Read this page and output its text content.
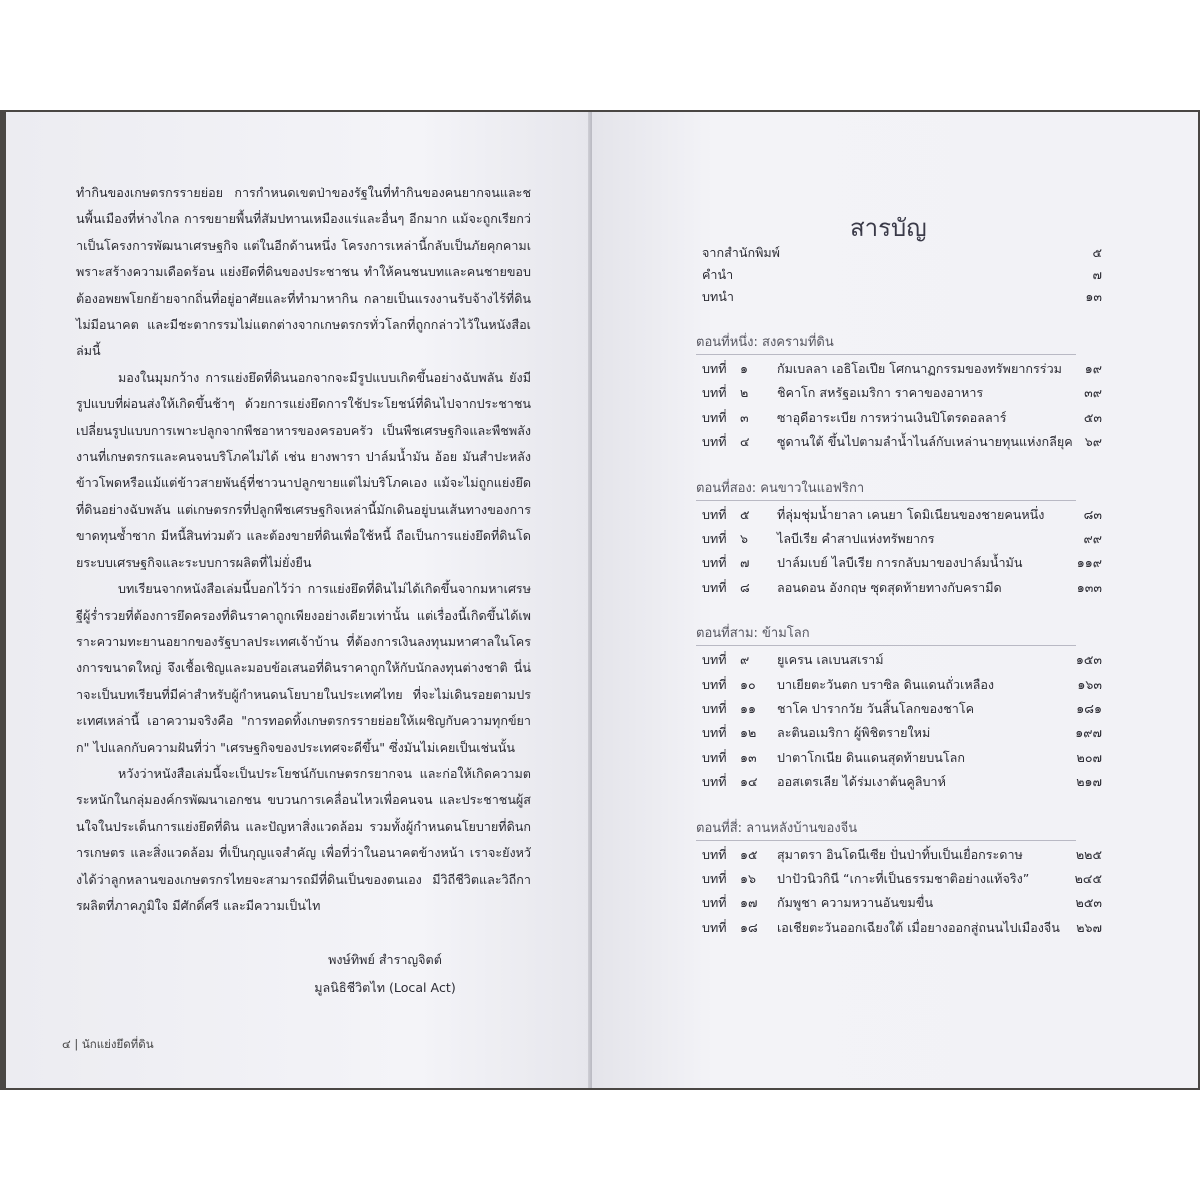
ทำกินของเกษตรกรรายย่อย การกำหนดเขตป่าของรัฐในที่ทำกินของคนยากจนและชนพื้นเมืองที่ห่างไกล การขยายพื้นที่สัมปทานเหมืองแร่และอื่นๆ อีกมาก แม้จะถูกเรียกว่าเป็นโครงการพัฒนาเศรษฐกิจ แต่ในอีกด้านหนึ่ง โครงการเหล่านี้กลับเป็นภัยคุกคามเพราะสร้างความเดือดร้อน แย่งยึดที่ดินของประชาชน ทำให้คนชนบทและคนชายขอบต้องอพยพโยกย้ายจากถิ่นที่อยู่อาศัยและที่ทำมาหากิน กลายเป็นแรงงานรับจ้างไร้ที่ดินไม่มีอนาคต และมีชะตากรรมไม่แตกต่างจากเกษตรกรทั่วโลกที่ถูกกล่าวไว้ในหนังสือเล่มนี้

มองในมุมกว้าง การแย่งยึดที่ดินนอกจากจะมีรูปแบบเกิดขึ้นอย่างฉับพลัน ยังมีรูปแบบที่ผ่อนส่งให้เกิดขึ้นช้าๆ ด้วยการแย่งยึดการใช้ประโยชน์ที่ดินไปจากประชาชน เปลี่ยนรูปแบบการเพาะปลูกจากพืชอาหารของครอบครัว เป็นพืชเศรษฐกิจและพืชพลังงานที่เกษตรกรและคนจนบริโภคไม่ได้ เช่น ยางพารา ปาล์มน้ำมัน อ้อย มันสำปะหลัง ข้าวโพดหรือแม้แต่ข้าวสายพันธุ์ที่ชาวนาปลูกขายแต่ไม่บริโภคเอง แม้จะไม่ถูกแย่งยึดที่ดินอย่างฉับพลัน แต่เกษตรกรที่ปลูกพืชเศรษฐกิจเหล่านี้มักเดินอยู่บนเส้นทางของการขาดทุนซ้ำซาก มีหนี้สินท่วมตัว และต้องขายที่ดินเพื่อใช้หนี้ ถือเป็นการแย่งยึดที่ดินโดยระบบเศรษฐกิจและระบบการผลิตที่ไม่ยั่งยืน

บทเรียนจากหนังสือเล่มนี้บอกไว้ว่า การแย่งยึดที่ดินไม่ได้เกิดขึ้นจากมหาเศรษฐีผู้ร่ำรวยที่ต้องการยึดครองที่ดินราคาถูกเพียงอย่างเดียวเท่านั้น แต่เรื่องนี้เกิดขึ้นได้เพราะความทะยานอยากของรัฐบาลประเทศเจ้าบ้าน ที่ต้องการเงินลงทุนมหาศาลในโครงการขนาดใหญ่ จึงเชื้อเชิญและมอบข้อเสนอที่ดินราคาถูกให้กับนักลงทุนต่างชาติ นี่น่าจะเป็นบทเรียนที่มีค่าสำหรับผู้กำหนดนโยบายในประเทศไทย ที่จะไม่เดินรอยตามประเทศเหล่านี้ เอาความจริงคือ "การทอดทิ้งเกษตรกรรายย่อยให้เผชิญกับความทุกข์ยาก" ไปแลกกับความฝันที่ว่า "เศรษฐกิจของประเทศจะดีขึ้น" ซึ่งมันไม่เคยเป็นเช่นนั้น

หวังว่าหนังสือเล่มนี้จะเป็นประโยชน์กับเกษตรกรยากจน และก่อให้เกิดความตระหนักในกลุ่มองค์กรพัฒนาเอกชน ขบวนการเคลื่อนไหวเพื่อคนจน และประชาชนผู้สนใจในประเด็นการแย่งยึดที่ดิน และปัญหาสิ่งแวดล้อม รวมทั้งผู้กำหนดนโยบายที่ดินการเกษตร และสิ่งแวดล้อม ที่เป็นกุญแจสำคัญ เพื่อที่ว่าในอนาคตข้างหน้า เราจะยังหวังได้ว่าลูกหลานของเกษตรกรไทยจะสามารถมีที่ดินเป็นของตนเอง มีวิถีชีวิตและวิถีการผลิตที่ภาคภูมิใจ มีศักดิ์ศรี และมีความเป็นไท

พงษ์ทิพย์ สำราญจิตต์
มูลนิธิชีวิตไท (Local Act)
๔ | นักแย่งยึดที่ดิน
สารบัญ
จากสำนักพิมพ์	๕
คำนำ	๗
บทนำ	๑๓
ตอนที่หนึ่ง: สงครามที่ดิน
บทที่ ๑ กัมเบลลา เอธิโอเปีย โศกนาฏกรรมของทรัพยากรร่วม ๑๙
บทที่ ๒ ชิคาโก สหรัฐอเมริกา ราคาของอาหาร	๓๙
บทที่ ๓ ซาอุดีอาระเบีย การหว่านเงินปิโตรดอลลาร์	๕๓
บทที่ ๔ ซูดานใต้ ขึ้นไปตามลำน้ำไนล์กับเหล่านายทุนแห่งกลียุค ๖๙
ตอนที่สอง: คนขาวในแอฟริกา
บทที่ ๕ ที่ลุ่มชุ่มน้ำยาลา เคนยา โดมิเนียนของชายคนหนึ่ง	๘๓
บทที่ ๖ ไลบีเรีย คำสาปแห่งทรัพยากร	๙๙
บทที่ ๗ ปาล์มเบย์ ไลบีเรีย การกลับมาของปาล์มน้ำมัน	๑๑๙
บทที่ ๘ ลอนดอน อังกฤษ ซุดสุดท้ายทางกับครามีด	๑๓๓
ตอนที่สาม: ข้ามโลก
บทที่ ๙ ยูเครน เลเบนสเราม์	๑๕๓
บทที่ ๑๐ บาเยียตะวันตก บราซิล ดินแดนถั่วเหลือง	๑๖๓
บทที่ ๑๑ ชาโค ปารากวัย วันสิ้นโลกของชาโค	๑๘๑
บทที่ ๑๒ ละตินอเมริกา ผู้พิชิตรายใหม่	๑๙๗
บทที่ ๑๓ ปาตาโกเนีย ดินแดนสุดท้ายบนโลก	๒๐๗
บทที่ ๑๔ ออสเตรเลีย ได้ร่มเงาต้นคูลิบาห์	๒๑๗
ตอนที่สี่: ลานหลังบ้านของจีน
บทที่ ๑๕ สุมาตรา อินโดนีเซีย ปั่นป่าทิ้บเป็นเยื่อกระดาษ	๒๒๕
บทที่ ๑๖ ปาปัวนิวกินี “เกาะที่เป็นธรรมชาติอย่างแท้จริง”	๒๔๕
บทที่ ๑๗ กัมพูชา ความหวานอันขมขื่น	๒๕๓
บทที่ ๑๘ เอเชียตะวันออกเฉียงใต้ เมื่อยางออกสู่ถนนไปเมืองจีน ๒๖๗
